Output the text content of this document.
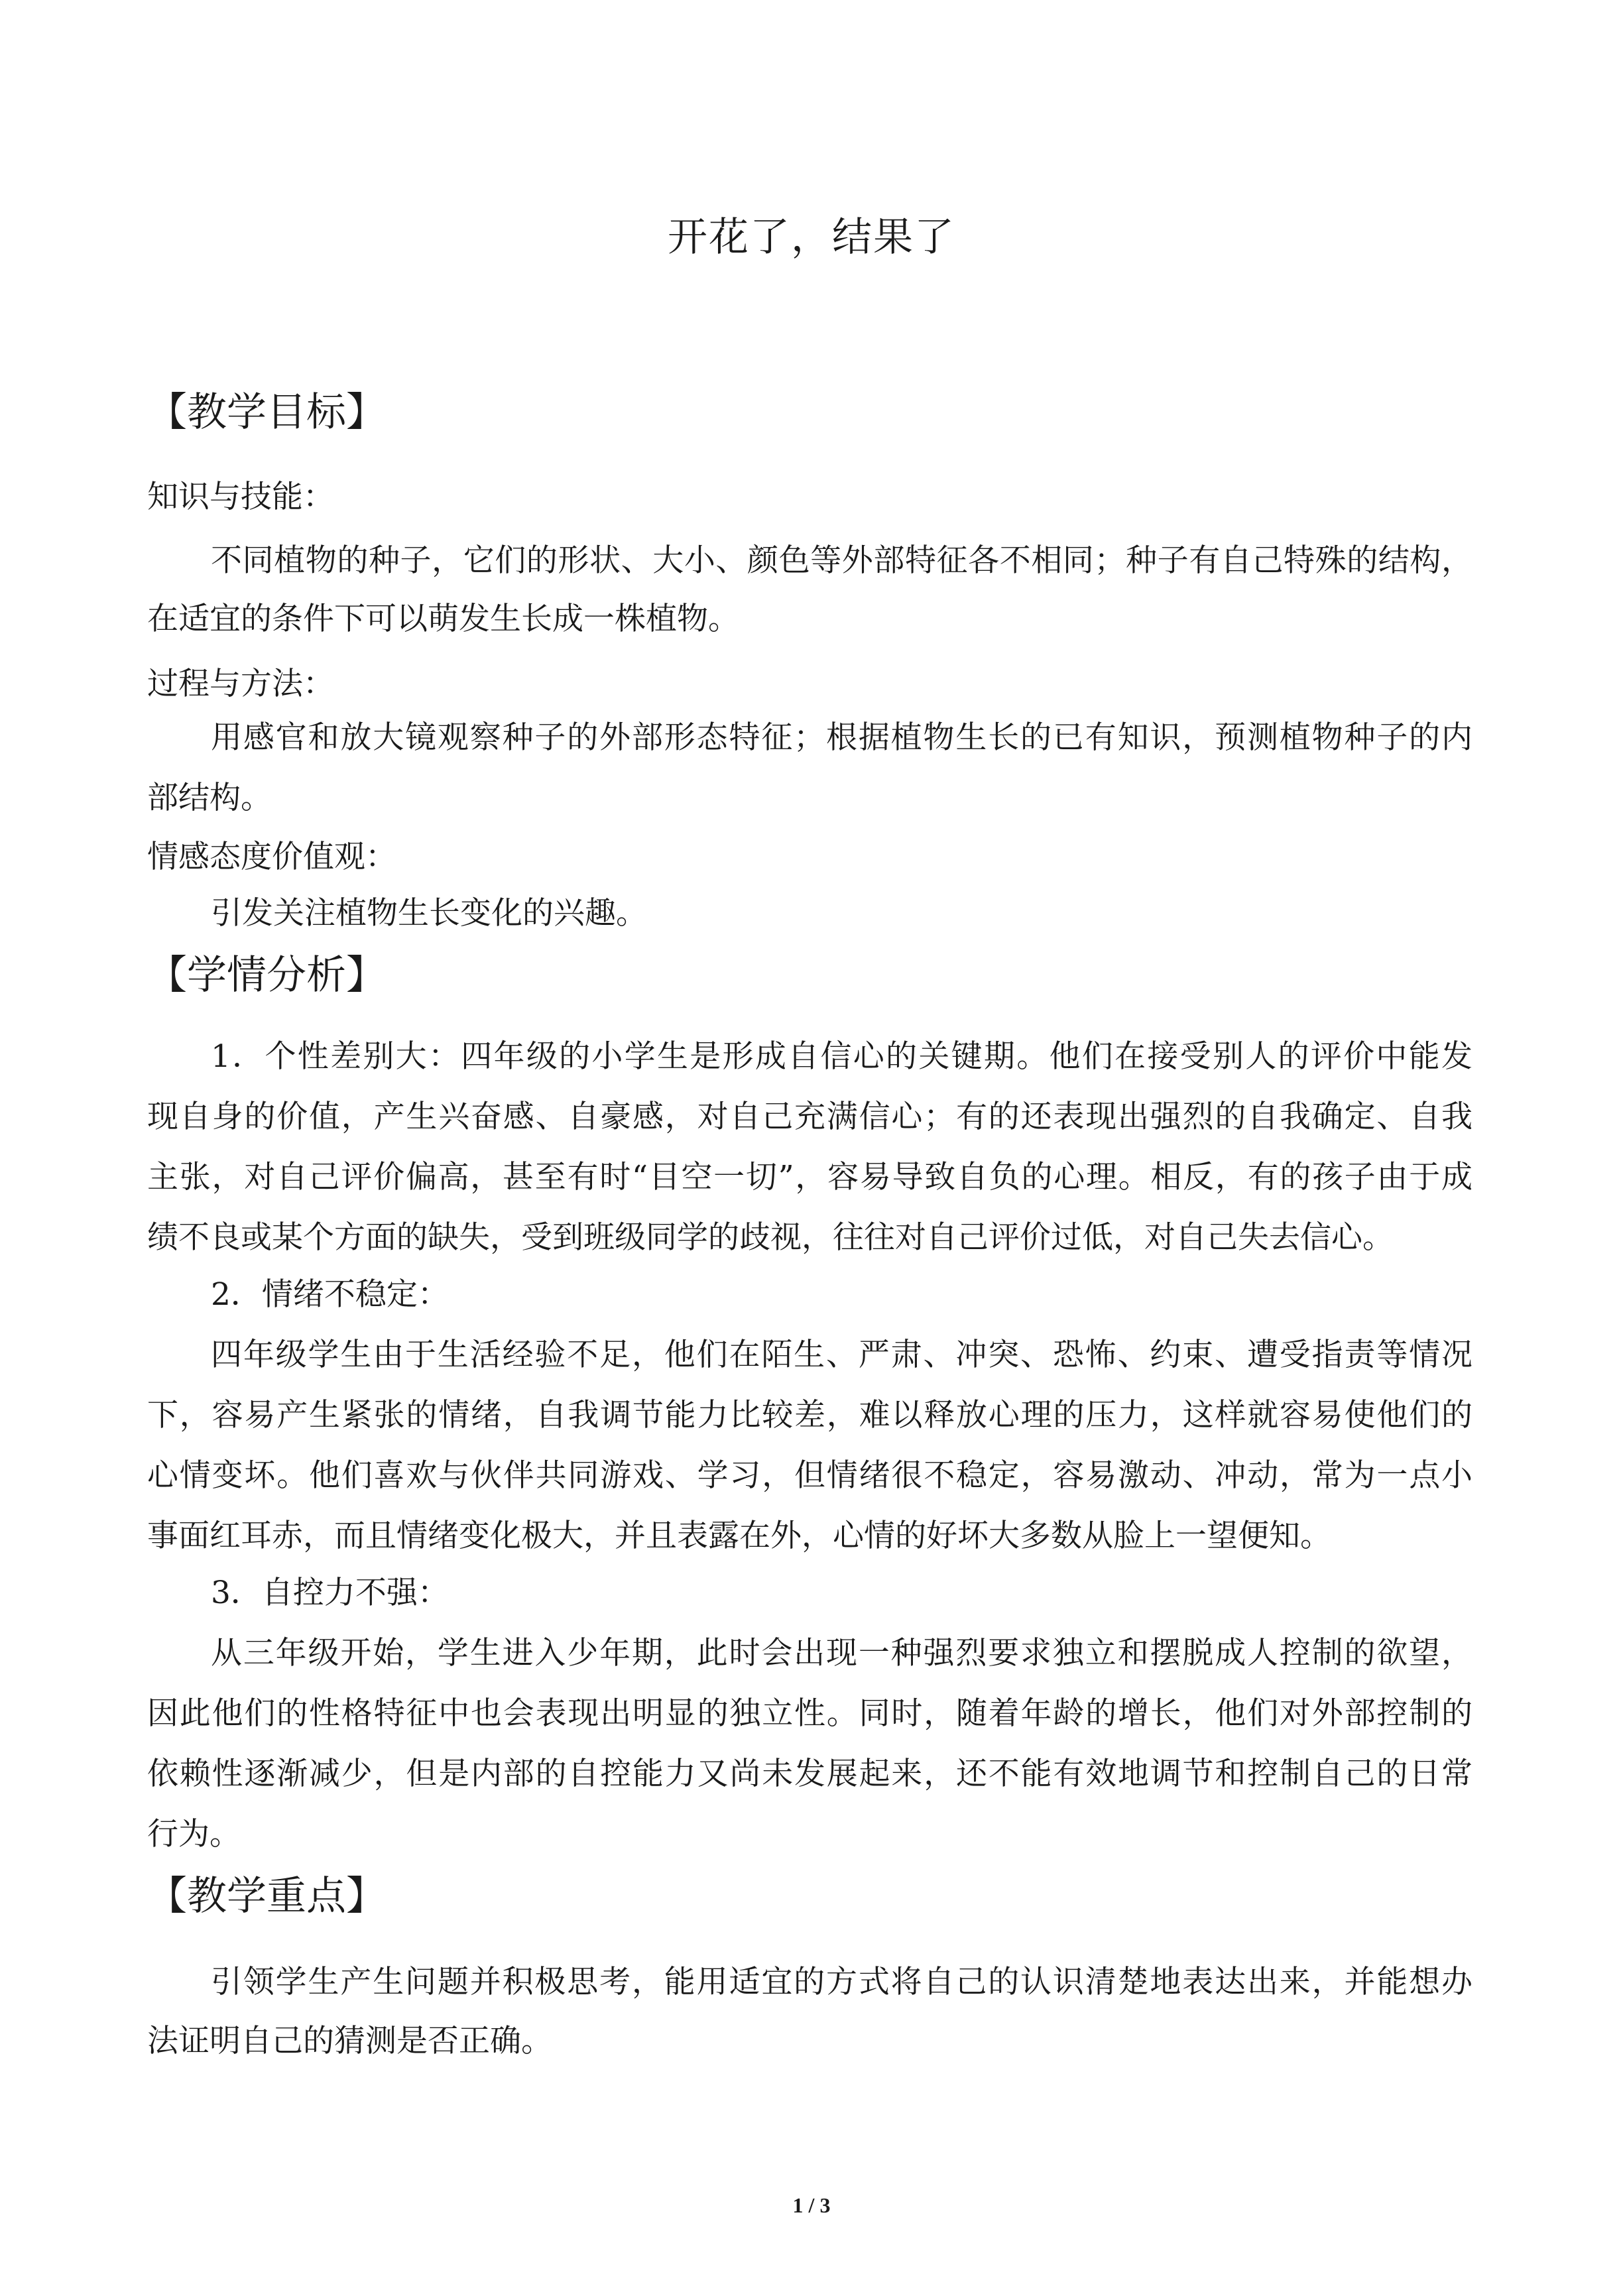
开花了，结果了
【教学目标】
知识与技能：
不同植物的种子，它们的形状、大小、颜色等外部特征各不相同；种子有自己特殊的结构，
在适宜的条件下可以萌发生长成一株植物。
过程与方法：
用感官和放大镜观察种子的外部形态特征；根据植物生长的已有知识，预测植物种子的内
部结构。
情感态度价值观：
引发关注植物生长变化的兴趣。
【学情分析】
1．个性差别大：四年级的小学生是形成自信心的关键期。他们在接受别人的评价中能发
现自身的价值，产生兴奋感、自豪感，对自己充满信心；有的还表现出强烈的自我确定、自我
主张，对自己评价偏高，甚至有时“目空一切”，容易导致自负的心理。相反，有的孩子由于成
绩不良或某个方面的缺失，受到班级同学的歧视，往往对自己评价过低，对自己失去信心。
2．情绪不稳定：
四年级学生由于生活经验不足，他们在陌生、严肃、冲突、恐怖、约束、遭受指责等情况
下，容易产生紧张的情绪，自我调节能力比较差，难以释放心理的压力，这样就容易使他们的
心情变坏。他们喜欢与伙伴共同游戏、学习，但情绪很不稳定，容易激动、冲动，常为一点小
事面红耳赤，而且情绪变化极大，并且表露在外，心情的好坏大多数从脸上一望便知。
3．自控力不强：
从三年级开始，学生进入少年期，此时会出现一种强烈要求独立和摆脱成人控制的欲望，
因此他们的性格特征中也会表现出明显的独立性。同时，随着年龄的增长，他们对外部控制的
依赖性逐渐减少，但是内部的自控能力又尚未发展起来，还不能有效地调节和控制自己的日常
行为。
【教学重点】
引领学生产生问题并积极思考，能用适宜的方式将自己的认识清楚地表达出来，并能想办
法证明自己的猜测是否正确。
1 / 3
